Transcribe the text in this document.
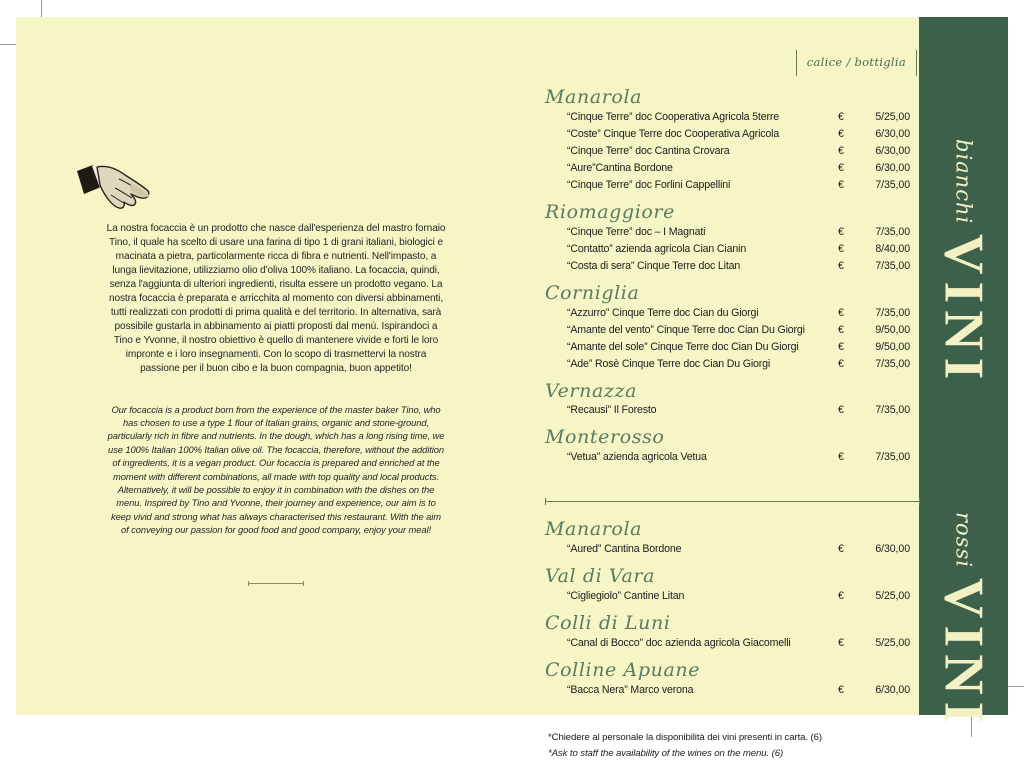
bianchi
VINI
rossi
VINI
La nostra focaccia è un prodotto che nasce dall'esperienza del mastro fornaio Tino, il quale ha scelto di usare una farina di tipo 1 di grani italiani, biologici e macinata a pietra, particolarmente ricca di fibra e nutrienti. Nell'impasto, a lunga lievitazione, utilizziamo olio d'oliva 100% italiano. La focaccia, quindi, senza l'aggiunta di ulteriori ingredienti, risulta essere un prodotto vegano. La nostra focaccia è preparata e arricchita al momento con diversi abbinamenti, tutti realizzati con prodotti di prima qualità e del territorio. In alternativa, sarà possibile gustarla in abbinamento ai piatti proposti dal menù. Ispirandoci a Tino e Yvonne, il nostro obiettivo è quello di mantenere vivide e forti le loro impronte e i loro insegnamenti. Con lo scopo di trasmettervi la nostra passione per il buon cibo e la buon compagnia, buon appetito!
Our focaccia is a product born from the experience of the master baker Tino, who has chosen to use a type 1 flour of Italian grains, organic and stone-ground, particularly rich in fibre and nutrients. In the dough, which has a long rising time, we use 100% Italian 100% Italian olive oil. The focaccia, therefore, without the addition of ingredients, it is a vegan product. Our focaccia is prepared and enriched at the moment with different combinations, all made with top quality and local products. Alternatively, it will be possible to enjoy it in combination with the dishes on the menu. Inspired by Tino and Yvonne, their journey and experience, our aim is to keep vivid and strong what has always characterised this restaurant. With the aim of conveying our passion for good food and good company, enjoy your meal!
calice / bottiglia
Manarola
“Cinque Terre” doc Cooperativa Agricola 5terre	€	5/25,00
“Coste” Cinque Terre doc Cooperativa Agricola	€	6/30,00
“Cinque Terre” doc Cantina Crovara	€	6/30,00
“Aure”Cantina Bordone	€	6/30,00
“Cinque Terre” doc Forlini Cappellini	€	7/35,00
Riomaggiore
“Cinque Terre” doc – I Magnati	€	7/35,00
“Contatto” azienda agricola Cian Cianin	€	8/40,00
“Costa di sera” Cinque Terre doc Litan	€	7/35,00
Corniglia
“Azzurro” Cinque Terre doc Cian du Giorgi	€	7/35,00
“Amante del vento” Cinque Terre doc Cian Du Giorgi	€	9/50,00
“Amante del sole” Cinque Terre doc Cian Du Giorgi	€	9/50,00
“Ade” Rosè Cinque Terre doc Cian Du Giorgi	€	7/35,00
Vernazza
“Recausi” Il Foresto	€	7/35,00
Monterosso
“Vetua” azienda agricola Vetua	€	7/35,00
Manarola
“Aured” Cantina Bordone	€	6/30,00
Val di Vara
“Cigliegiolo” Cantine Litan	€	5/25,00
Colli di Luni
“Canal di Bocco” doc azienda agricola Giacomelli	€	5/25,00
Colline Apuane
“Bacca Nera” Marco verona	€	6/30,00
*Chiedere al personale la disponibilità dei vini presenti in carta. (6)
*Ask to staff the availability of the wines on the menu. (6)
